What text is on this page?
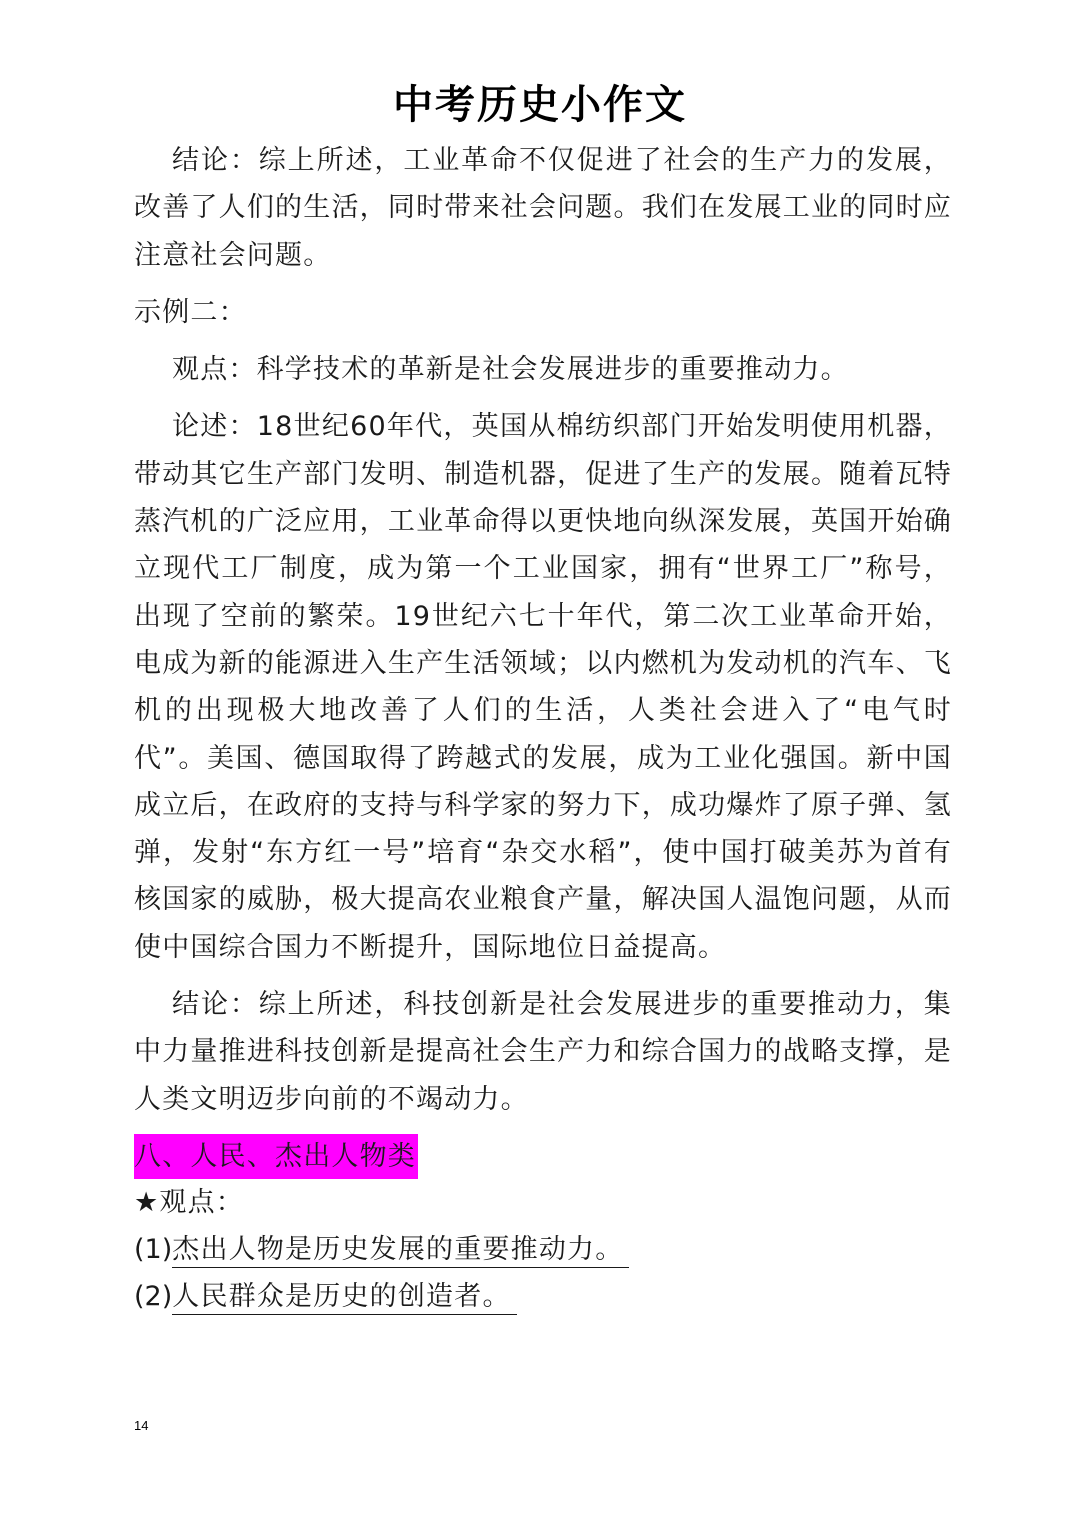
中考历史小作文

结论：综上所述，工业革命不仅促进了社会的生产力的发展，改善了人们的生活，同时带来社会问题。我们在发展工业的同时应注意社会问题。

示例二：

观点：科学技术的革新是社会发展进步的重要推动力。

论述：18世纪60年代，英国从棉纺织部门开始发明使用机器，带动其它生产部门发明、制造机器，促进了生产的发展。随着瓦特蒸汽机的广泛应用，工业革命得以更快地向纵深发展，英国开始确立现代工厂制度，成为第一个工业国家，拥有“世界工厂”称号，出现了空前的繁荣。19世纪六七十年代，第二次工业革命开始，电成为新的能源进入生产生活领域；以内燃机为发动机的汽车、飞机的出现极大地改善了人们的生活，人类社会进入了“电气时代”。美国、德国取得了跨越式的发展，成为工业化强国。新中国成立后，在政府的支持与科学家的努力下，成功爆炸了原子弹、氢弹，发射“东方红一号”培育“杂交水稻”，使中国打破美苏为首有核国家的威胁，极大提高农业粮食产量，解决国人温饱问题，从而使中国综合国力不断提升，国际地位日益提高。

结论：综上所述，科技创新是社会发展进步的重要推动力，集中力量推进科技创新是提高社会生产力和综合国力的战略支撑，是人类文明迈步向前的不竭动力。

八、人民、杰出人物类

★观点：

(1)杰出人物是历史发展的重要推动力。

(2)人民群众是历史的创造者。

14
